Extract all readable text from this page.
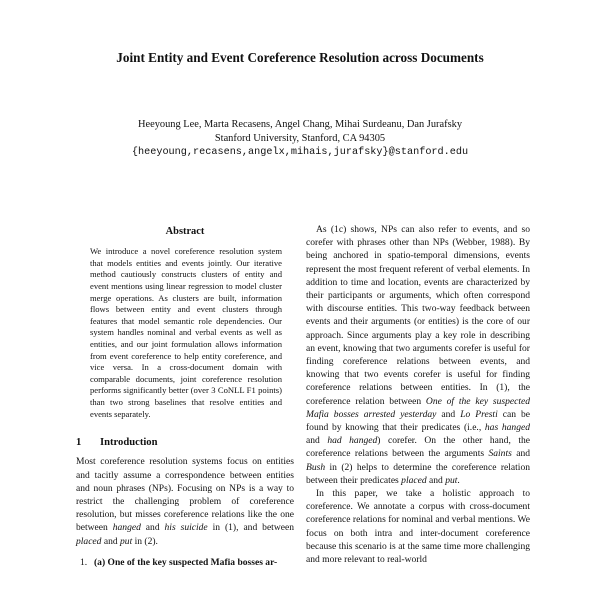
Joint Entity and Event Coreference Resolution across Documents
Heeyoung Lee, Marta Recasens, Angel Chang, Mihai Surdeanu, Dan Jurafsky
Stanford University, Stanford, CA 94305
{heeyoung,recasens,angelx,mihais,jurafsky}@stanford.edu
Abstract
We introduce a novel coreference resolution system that models entities and events jointly. Our iterative method cautiously constructs clusters of entity and event mentions using linear regression to model cluster merge operations. As clusters are built, information flows between entity and event clusters through features that model semantic role dependencies. Our system handles nominal and verbal events as well as entities, and our joint formulation allows information from event coreference to help entity coreference, and vice versa. In a cross-document domain with comparable documents, joint coreference resolution performs significantly better (over 3 CoNLL F1 points) than two strong baselines that resolve entities and events separately.
1 Introduction

Most coreference resolution systems focus on entities and tacitly assume a correspondence between entities and noun phrases (NPs). Focusing on NPs is a way to restrict the challenging problem of coreference resolution, but misses coreference relations like the one between hanged and his suicide in (1), and between placed and put in (2).

1. (a) One of the key suspected Mafia bosses ar-

As (1c) shows, NPs can also refer to events, and so corefer with phrases other than NPs (Webber, 1988). By being anchored in spatio-temporal dimensions, events represent the most frequent referent of verbal elements. In addition to time and location, events are characterized by their participants or arguments, which often correspond with discourse entities. This two-way feedback between events and their arguments (or entities) is the core of our approach. Since arguments play a key role in describing an event, knowing that two arguments corefer is useful for finding coreference relations between events, and knowing that two events corefer is useful for finding coreference relations between entities. In (1), the coreference relation between One of the key suspected Mafia bosses arrested yesterday and Lo Presti can be found by knowing that their predicates (i.e., has hanged and had hanged) corefer. On the other hand, the coreference relations between the arguments Saints and Bush in (2) helps to determine the coreference relation between their predicates placed and put.

In this paper, we take a holistic approach to coreference. We annotate a corpus with cross-document coreference relations for nominal and verbal mentions. We focus on both intra and inter-document coreference because this scenario is at the same time more challenging and more relevant to real-world
